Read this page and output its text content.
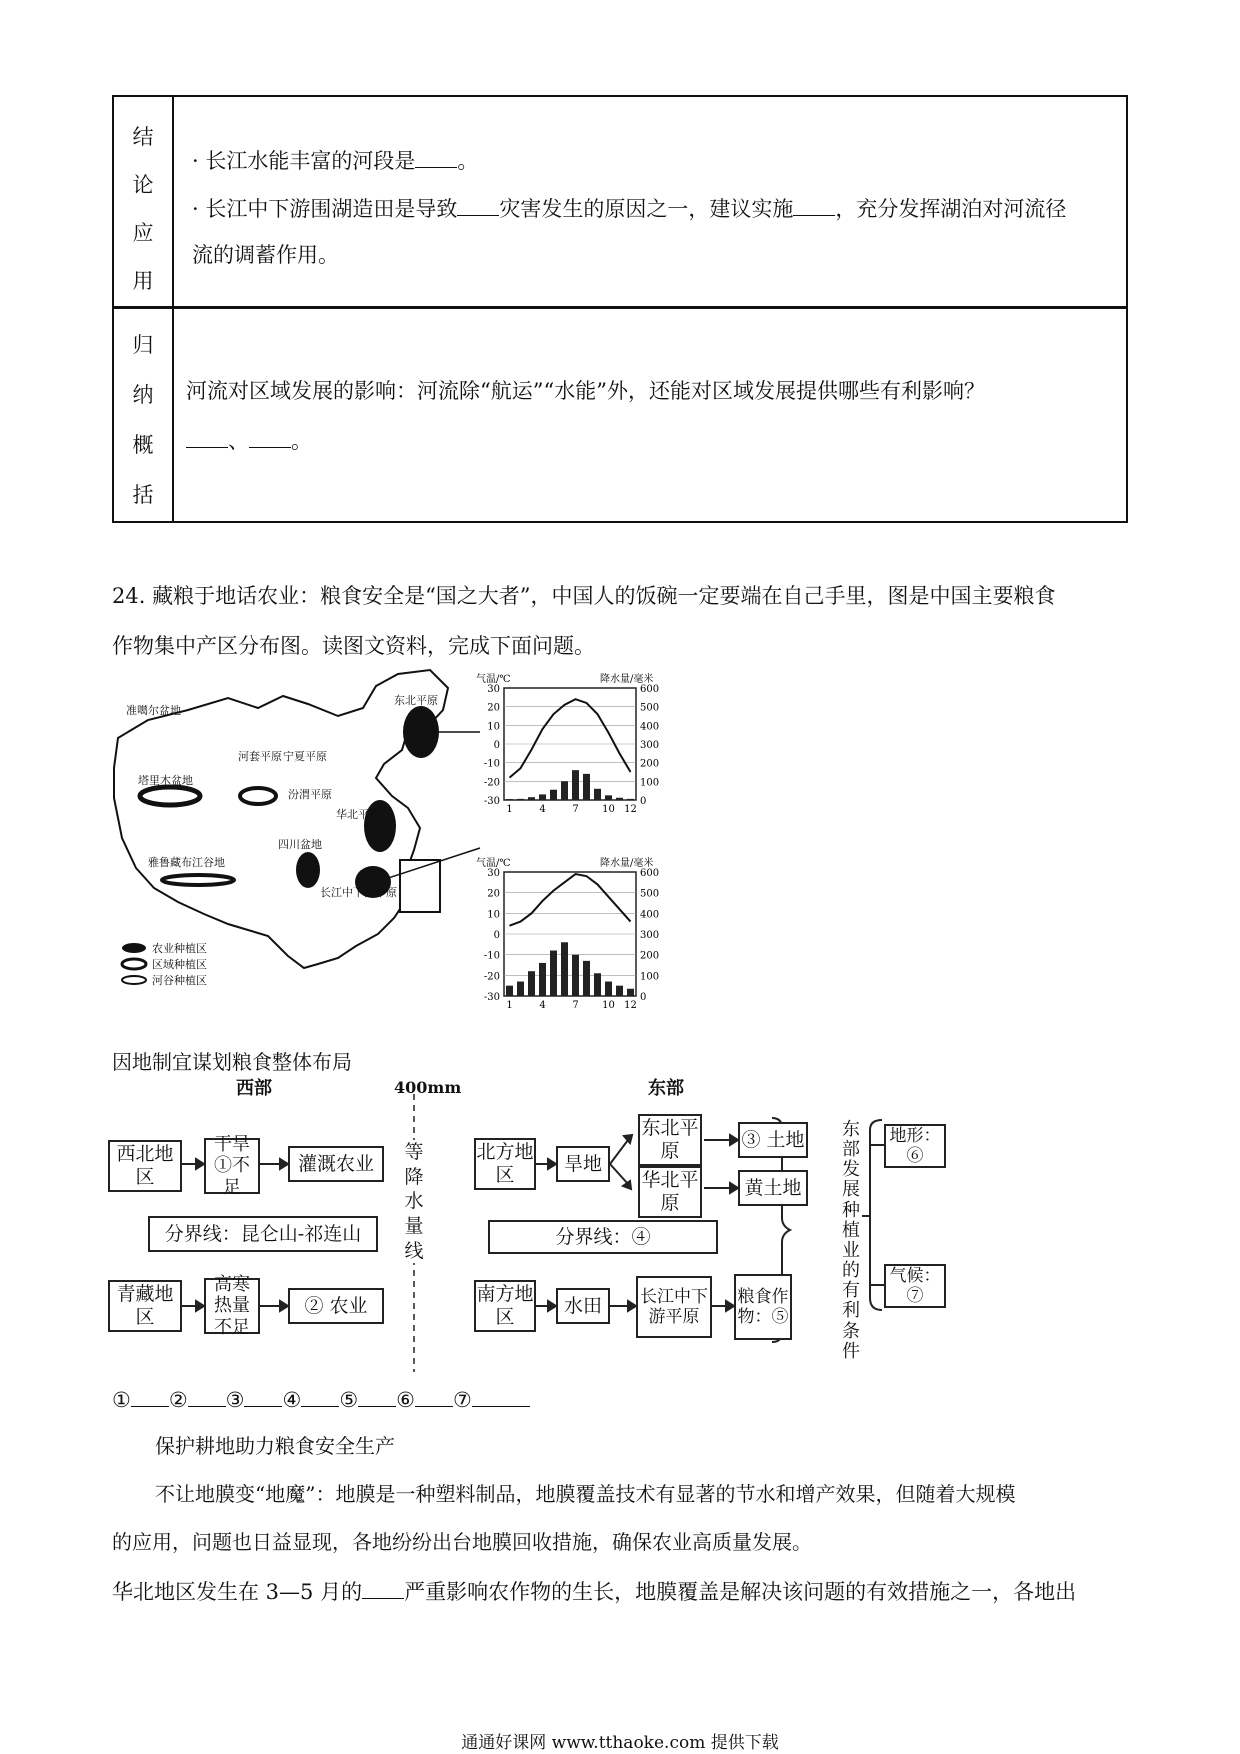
结
论
应
用
· 长江水能丰富的河段是 。
· 长江中下游围湖造田是导致 灾害发生的原因之一，建议实施 ，充分发挥湖泊对河流径
流的调蓄作用。
归
纳
概
括
河流对区域发展的影响：河流除“航运”“水能”外，还能对区域发展提供哪些有利影响？
、 。
24. 藏粮于地话农业：粮食安全是“国之大者”，中国人的饭碗一定要端在自己手里，图是中国主要粮食
作物集中产区分布图。读图文资料，完成下面问题。
准噶尔盆地
塔里木盆地
河套平原 宁夏平原
汾渭平原
四川盆地
雅鲁藏布江谷地
东北平原
华北平原
长江中下游平原
农业种植区
区域种植区
河谷种植区
气温/℃	降水量/毫米
30	600
20	500
10	400
0	300
-10	200
-20	100
-30	0
1	4	7 10 12
气温/℃	降水量/毫米
30	600
20	500
10	400
0	300
-10	200
-20	100
-30	0
1	4	7 10 12
因地制宜谋划粮食整体布局
西部	400mm	东部
西北地区
干旱
①不足
灌溉农业
分界线：昆仑山-祁连山
青藏地区
高寒
热量不足
② 农业
等降水量线
北方地区
旱地
东北平原
华北平原
③ 土地
黄土地
分界线：④
南方地区
水田	长江中下游平原
粮食作物：⑤
东部发展种植业的有利条件
地形：⑥
气候：⑦
① ② ③ ④ ⑤ ⑥ ⑦
保护耕地助力粮食安全生产
不让地膜变“地魔”：地膜是一种塑料制品，地膜覆盖技术有显著的节水和增产效果，但随着大规模
的应用，问题也日益显现，各地纷纷出台地膜回收措施，确保农业高质量发展。
华北地区发生在 3—5 月的 严重影响农作物的生长，地膜覆盖是解决该问题的有效措施之一，各地出
通通好课网 www.tthaoke.com 提供下载
